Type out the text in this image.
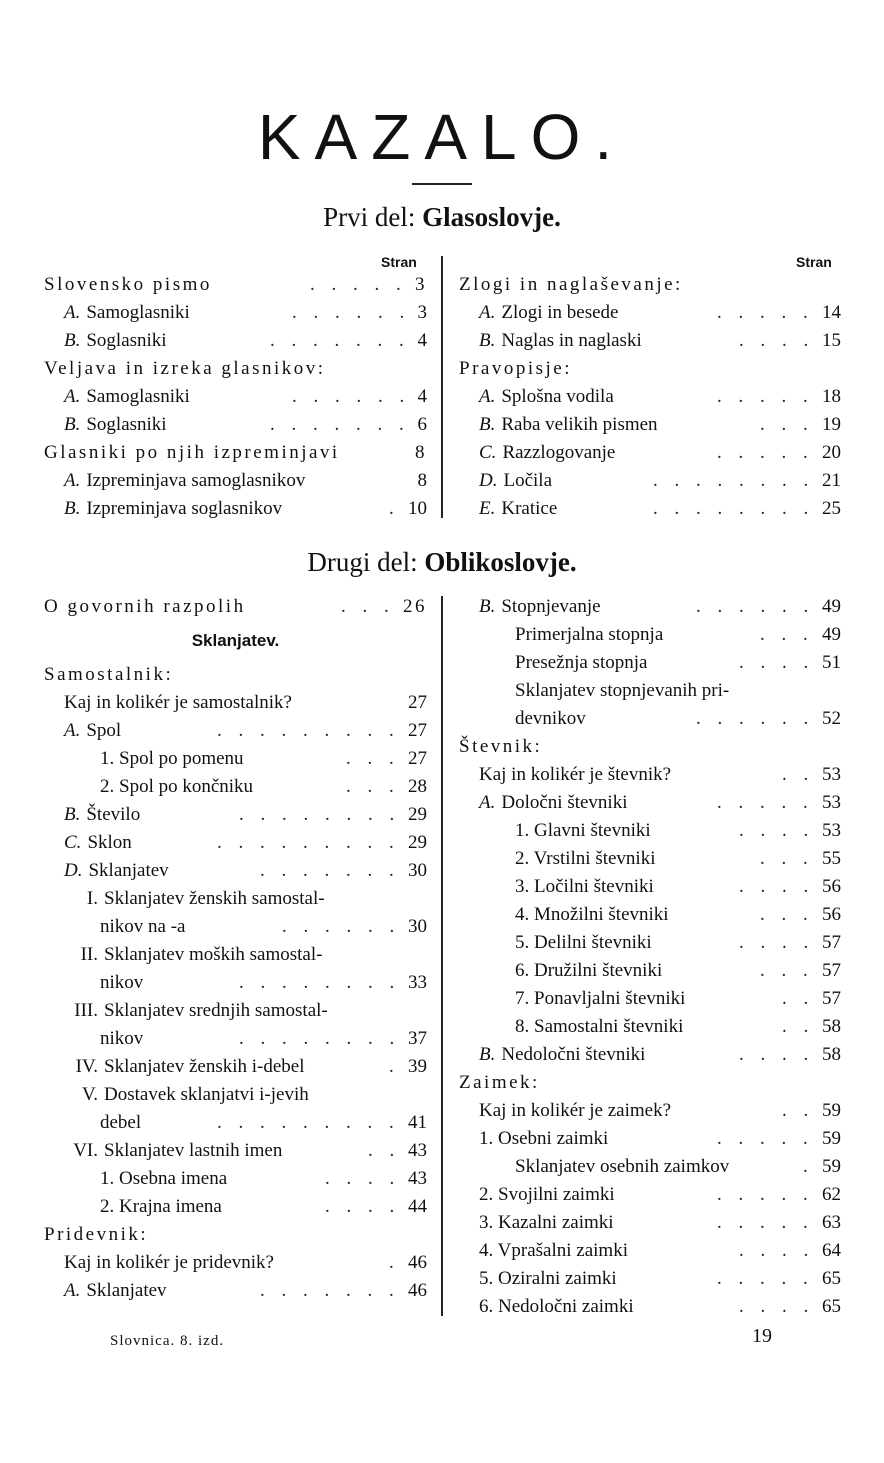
KAZALO.
Prvi del: Glasoslovje.
Stran	Stran
Slovensko pismo	. . . . . 3
A. Samoglasniki	. . . . . . 3
B. Soglasniki	. . . . . . . 4
Veljava in izreka glasnikov:
A. Samoglasniki	. . . . . . 4
B. Soglasniki	. . . . . . . 6
Glasniki po njih izpreminjavi	8
A. Izpreminjava samoglasnikov	8
B. Izpreminjava soglasnikov	. 10
Zlogi in naglaševanje:
A. Zlogi in besede	. . . . . 14
B. Naglas in naglaski	. . . . 15
Pravopisje:
A. Splošna vodila	. . . . . 18
B. Raba velikih pismen	. . . 19
C. Razzlogovanje	. . . . . 20
D. Ločila	. . . . . . . . 21
E. Kratice	. . . . . . . . 25
Drugi del: Oblikoslovje.
O govornih razpolih	. . . 26
Sklanjatev.
Samostalnik:
Kaj in kolikér je samostalnik?	27
A. Spol	. . . . . . . . . 27
1. Spol po pomenu	. . . 27
2. Spol po končniku	. . . 28
B. Število	. . . . . . . . 29
C. Sklon	. . . . . . . . . 29
D. Sklanjatev	. . . . . . . 30
I. Sklanjatev ženskih samostal-
nikov na -a	. . . . . . 30
II. Sklanjatev moških samostal-
nikov	. . . . . . . . 33
III. Sklanjatev srednjih samostal-
nikov	. . . . . . . . 37
IV. Sklanjatev ženskih i-debel	. 39
V. Dostavek sklanjatvi i-jevih
debel	. . . . . . . . . 41
VI. Sklanjatev lastnih imen	. . 43
1. Osebna imena	. . . . 43
2. Krajna imena	. . . . 44
Pridevnik:
Kaj in kolikér je pridevnik?	. 46
A. Sklanjatev	. . . . . . . 46
B. Stopnjevanje	. . . . . . 49
Primerjalna stopnja	. . . 49
Presežnja stopnja	. . . . 51
Sklanjatev stopnjevanih pri-
devnikov	. . . . . . 52
Števnik:
Kaj in kolikér je števnik?	. . 53
A. Določni števniki	. . . . . 53
1. Glavni števniki	. . . . 53
2. Vrstilni števniki	. . . 55
3. Ločilni števniki	. . . . 56
4. Množilni števniki	. . . 56
5. Delilni števniki	. . . . 57
6. Družilni števniki	. . . 57
7. Ponavljalni števniki	. . 57
8. Samostalni števniki	. . 58
B. Nedoločni števniki	. . . . 58
Zaimek:
Kaj in kolikér je zaimek?	. . 59
1. Osebni zaimki	. . . . . 59
Sklanjatev osebnih zaimkov	. 59
2. Svojilni zaimki	. . . . . 62
3. Kazalni zaimki	. . . . . 63
4. Vprašalni zaimki	. . . . 64
5. Oziralni zaimki	. . . . . 65
6. Nedoločni zaimki	. . . . 65
Slovnica. 8. izd.	19
